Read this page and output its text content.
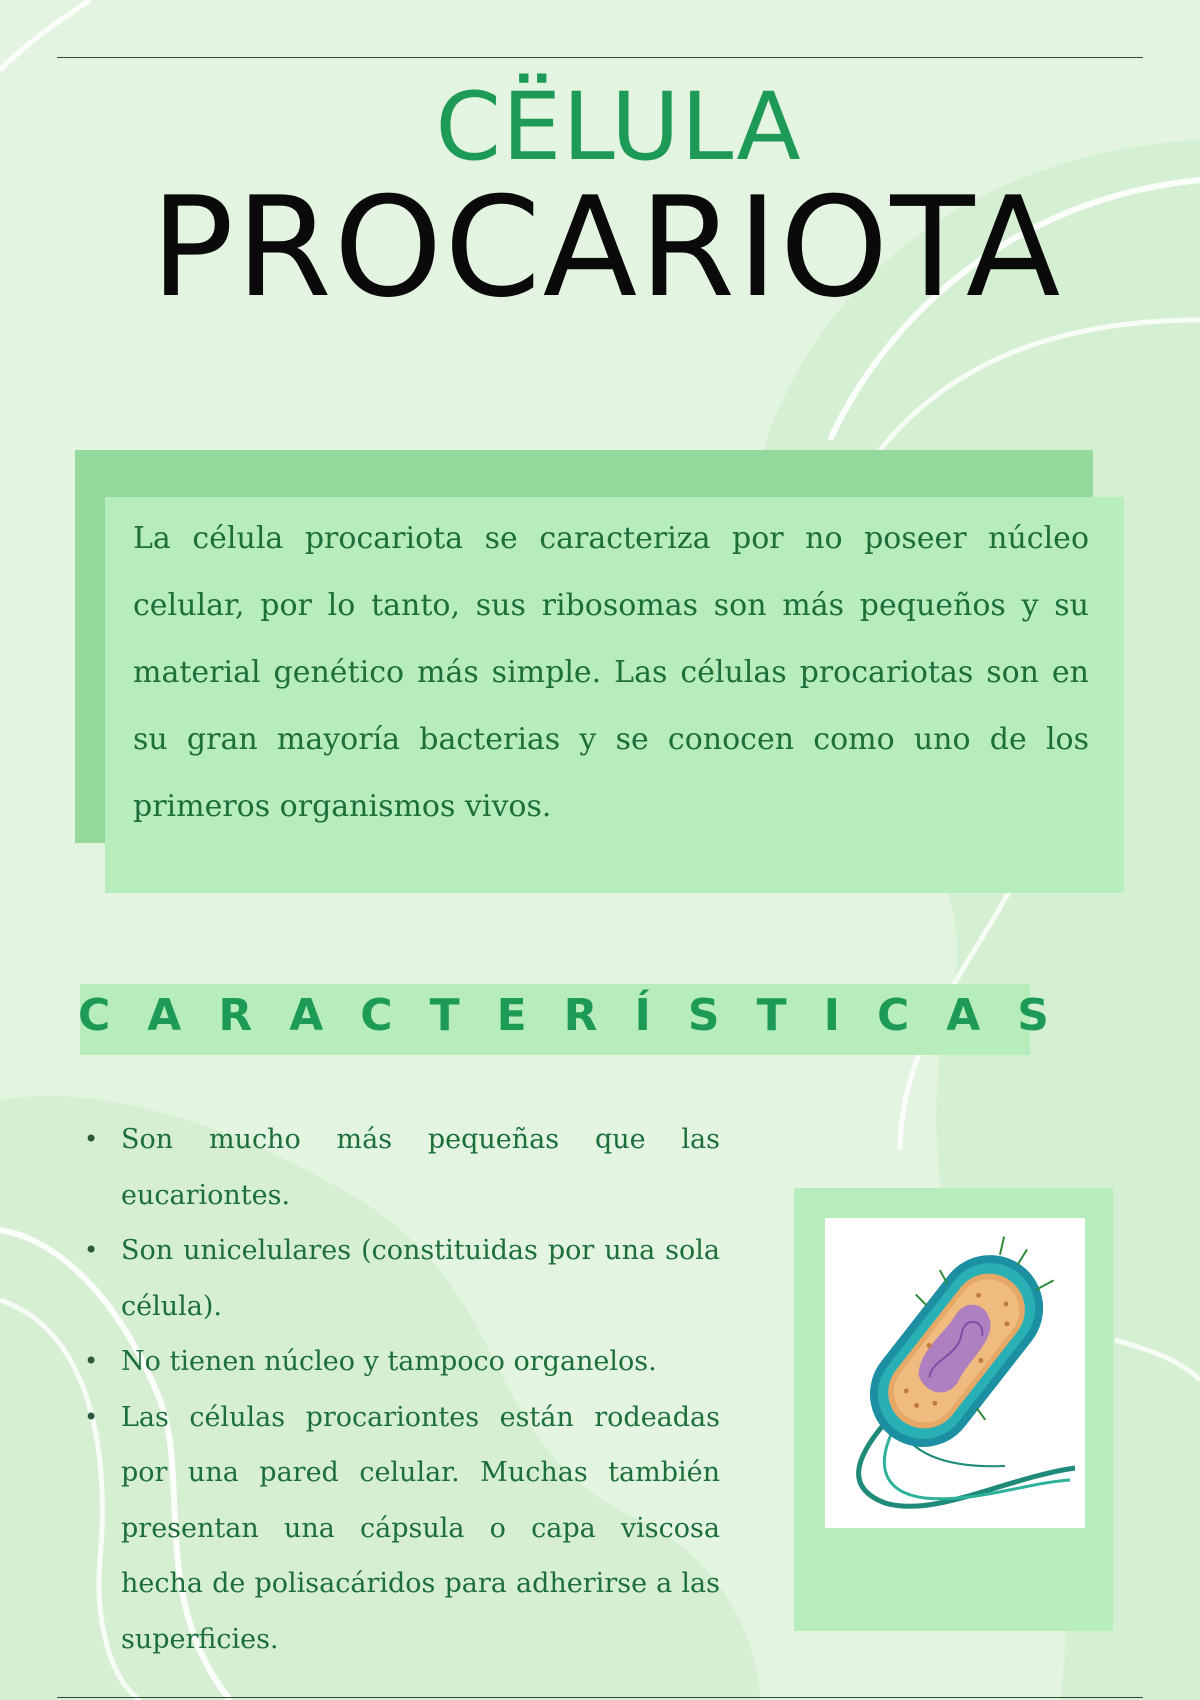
CËLULA
PROCARIOTA

La célula procariota se caracteriza por no poseer núcleo celular, por lo tanto, sus ribosomas son más pequeños y su material genético más simple. Las células procariotas son en su gran mayoría bacterias y se conocen como uno de los primeros organismos vivos.

CARACTERÍSTICAS
• Son mucho más pequeñas que las eucariontes.
• Son unicelulares (constituidas por una sola célula).
• No tienen núcleo y tampoco organelos.
• Las células procariontes están rodeadas por una pared celular. Muchas también presentan una cápsula o capa viscosa hecha de polisacáridos para adherirse a las superficies.
